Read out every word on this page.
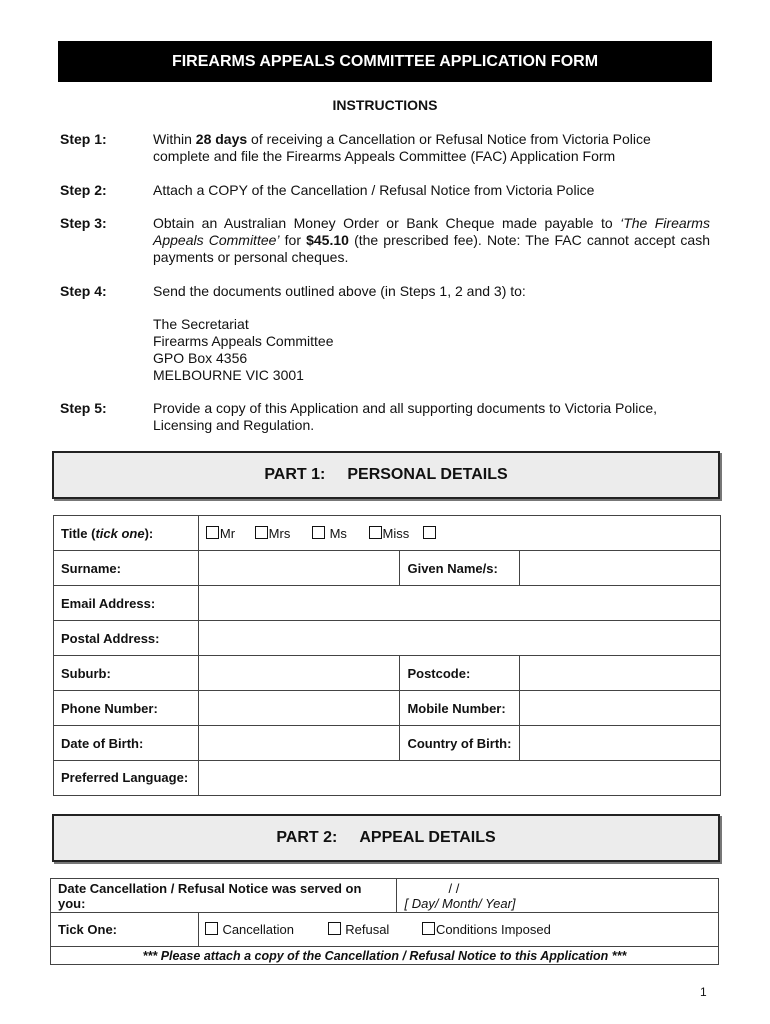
FIREARMS APPEALS COMMITTEE APPLICATION FORM
INSTRUCTIONS
Step 1:	Within 28 days of receiving a Cancellation or Refusal Notice from Victoria Police complete and file the Firearms Appeals Committee (FAC) Application Form
Step 2:	Attach a COPY of the Cancellation / Refusal Notice from Victoria Police
Step 3:	Obtain an Australian Money Order or Bank Cheque made payable to ‘The Firearms Appeals Committee’ for $45.10 (the prescribed fee). Note: The FAC cannot accept cash payments or personal cheques.
Step 4:	Send the documents outlined above (in Steps 1, 2 and 3) to:
The Secretariat
Firearms Appeals Committee
GPO Box 4356
MELBOURNE VIC 3001
Step 5:	Provide a copy of this Application and all supporting documents to Victoria Police, Licensing and Regulation.
PART 1: PERSONAL DETAILS
Title (tick one):	Mr Mrs Ms Miss		
Surname:		Given Name/s:	
Email Address:			
Postal Address:			
Suburb:		Postcode:	
Phone Number:		Mobile Number:	
Date of Birth:		Country of Birth:	
Preferred Language:			
PART 2: APPEAL DETAILS
Date Cancellation / Refusal Notice was served on you:		/ /
[ Day/ Month/ Year]

Tick One:	Cancellation Refusal Conditions Imposed	
*** Please attach a copy of the Cancellation / Refusal Notice to this Application ***		
1
